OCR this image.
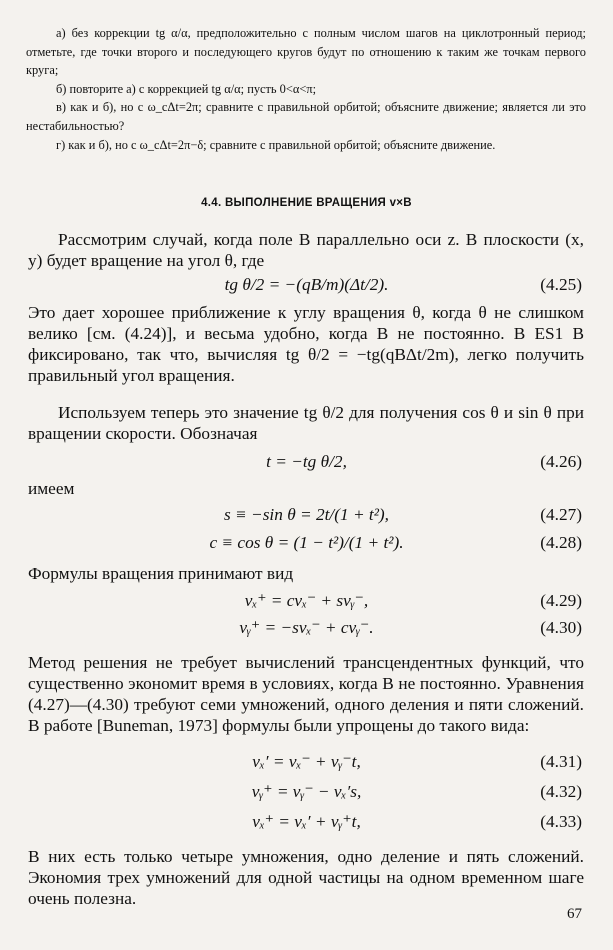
а) без коррекции tg α/α, предположительно с полным числом шагов на циклотронный период; отметьте, где точки второго и последующего кругов будут по отношению к таким же точкам первого круга;

б) повторите а) с коррекцией tg α/α; пусть 0<α<π;

в) как и б), но с ω_cΔt=2π; сравните с правильной орбитой; объясните движение; является ли это нестабильностью?

г) как и б), но с ω_cΔt=2π−δ; сравните с правильной орбитой; объясните движение.

4.4. ВЫПОЛНЕНИЕ ВРАЩЕНИЯ v×B

Рассмотрим случай, когда поле B параллельно оси z. В плоскости (x, y) будет вращение на угол θ, где

tg θ/2 = −(qB/m)(Δt/2).	(4.25)

Это дает хорошее приближение к углу вращения θ, когда θ не слишком велико [см. (4.24)], и весьма удобно, когда B не постоянно. В ES1 B фиксировано, так что, вычисляя tg θ/2 = −tg(qBΔt/2m), легко получить правильный угол вращения.

Используем теперь это значение tg θ/2 для получения cos θ и sin θ при вращении скорости. Обозначая

t = −tg θ/2,	(4.26)

имеем

s ≡ −sin θ = 2t/(1 + t²),	(4.27)
c ≡ cos θ = (1 − t²)/(1 + t²).	(4.28)

Формулы вращения принимают вид

vₓ⁺ = cvₓ⁻ + svᵧ⁻,	(4.29)
vᵧ⁺ = −svₓ⁻ + cvᵧ⁻.	(4.30)

Метод решения не требует вычислений трансцендентных функций, что существенно экономит время в условиях, когда B не постоянно. Уравнения (4.27)—(4.30) требуют семи умножений, одного деления и пяти сложений. В работе [Buneman, 1973] формулы были упрощены до такого вида:

vₓ′ = vₓ⁻ + vᵧ⁻t,	(4.31)
vᵧ⁺ = vᵧ⁻ − vₓ′s,	(4.32)
vₓ⁺ = vₓ′ + vᵧ⁺t,	(4.33)

В них есть только четыре умножения, одно деление и пять сложений. Экономия трех умножений для одной частицы на одном временном шаге очень полезна.

67
